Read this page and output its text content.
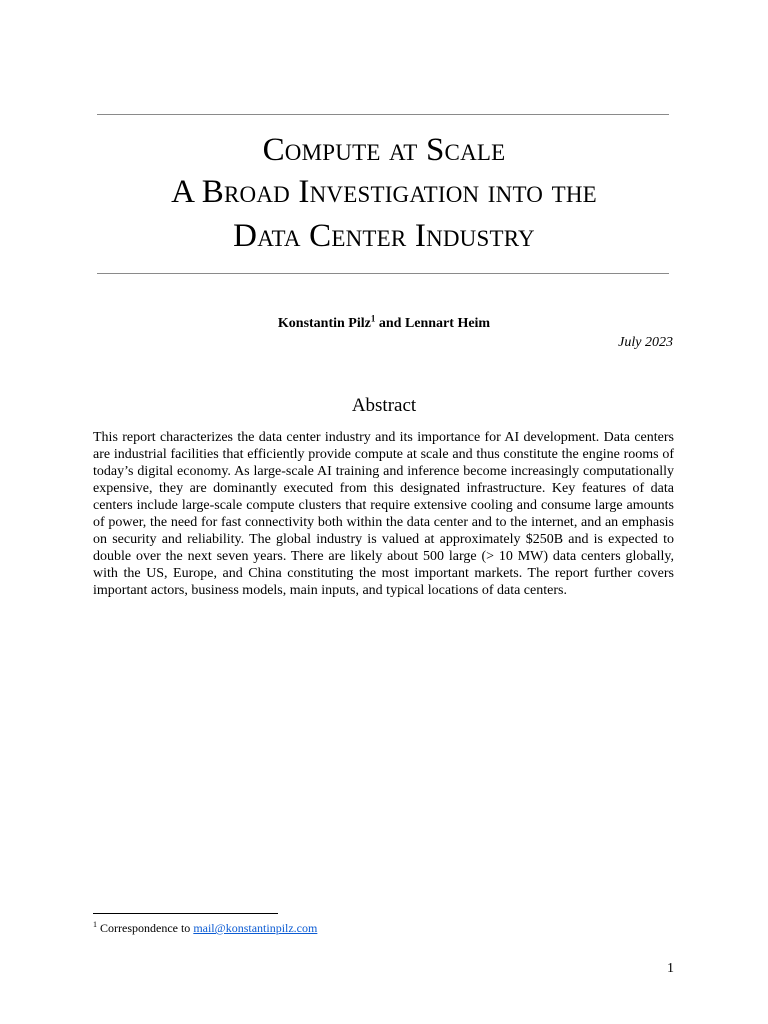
Compute at Scale
A Broad Investigation into the
Data Center Industry
Konstantin Pilz$^1$ and Lennart Heim
July 2023
Abstract

This report characterizes the data center industry and its importance for AI development. Data centers are industrial facilities that efficiently provide compute at scale and thus constitute the engine rooms of today’s digital economy. As large-scale AI training and inference become increasingly computationally expensive, they are dominantly executed from this designated infrastructure. Key features of data centers include large-scale compute clusters that require extensive cooling and consume large amounts of power, the need for fast connectivity both within the data center and to the internet, and an emphasis on security and reliability. The global industry is valued at approximately $250B and is expected to double over the next seven years. There are likely about 500 large (> 10 MW) data centers globally, with the US, Europe, and China constituting the most important markets. The report further covers important actors, business models, main inputs, and typical locations of data centers.

$^1$ Correspondence to mail@konstantinpilz.com
1
